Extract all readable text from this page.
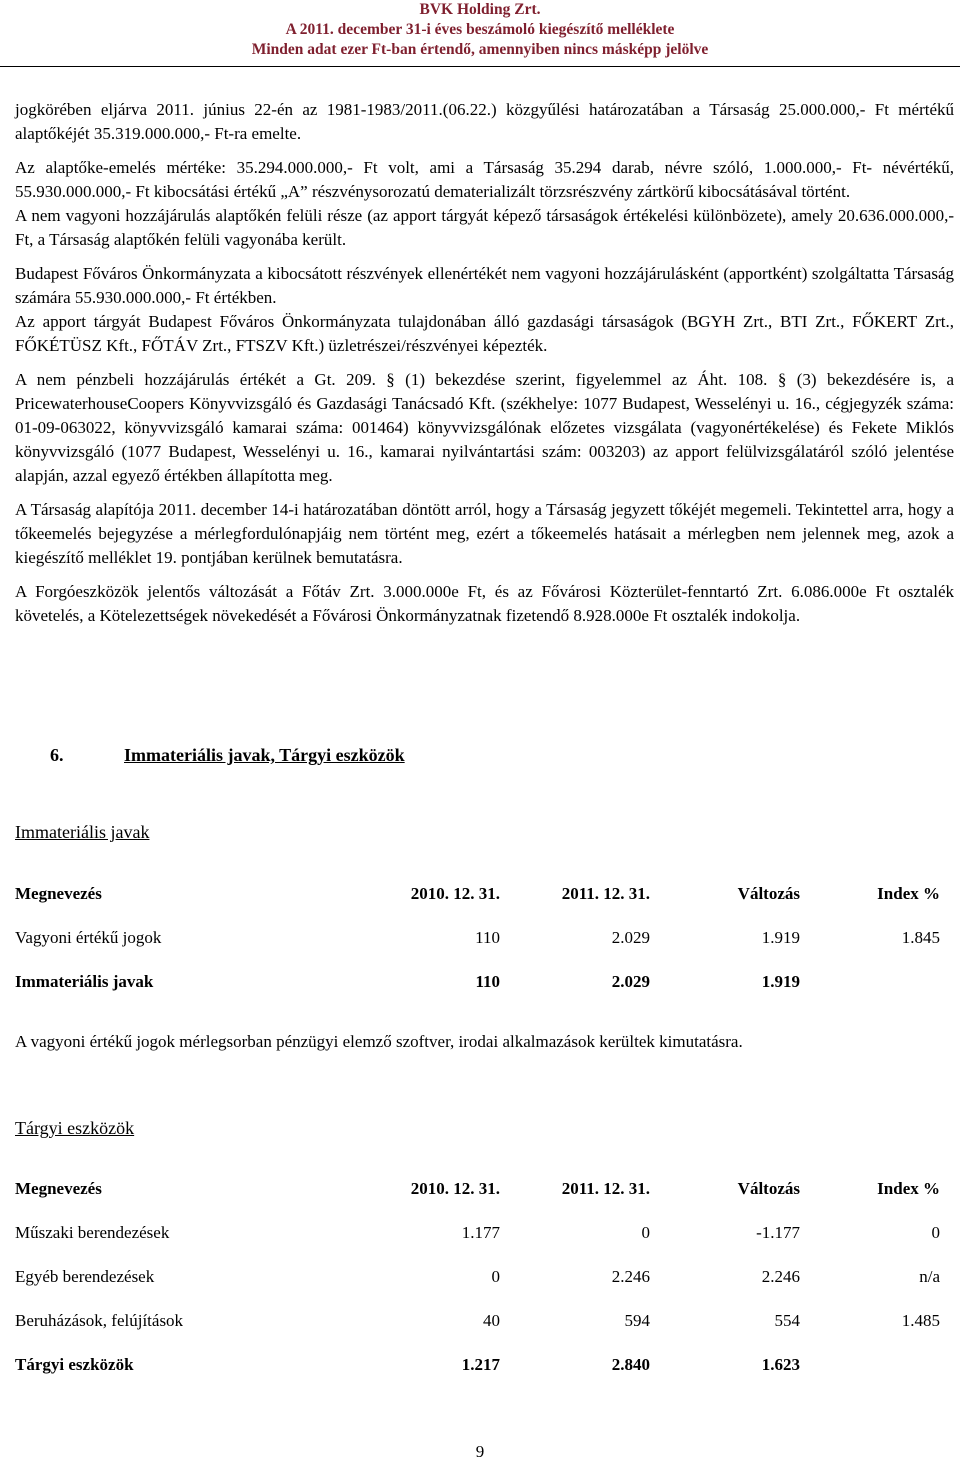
BVK Holding Zrt.
A 2011. december 31-i éves beszámoló kiegészítő melléklete
Minden adat ezer Ft-ban értendő, amennyiben nincs másképp jelölve

jogkörében eljárva 2011. június 22-én az 1981-1983/2011.(06.22.) közgyűlési határozatában a Társaság 25.000.000,- Ft mértékű alaptőkéjét 35.319.000.000,- Ft-ra emelte.

Az alaptőke-emelés mértéke: 35.294.000.000,- Ft volt, ami a Társaság 35.294 darab, névre szóló, 1.000.000,- Ft- névértékű, 55.930.000.000,- Ft kibocsátási értékű „A” részvénysorozatú dematerializált törzsrészvény zártkörű kibocsátásával történt.

A nem vagyoni hozzájárulás alaptőkén felüli része (az apport tárgyát képező társaságok értékelési különbözete), amely 20.636.000.000,- Ft, a Társaság alaptőkén felüli vagyonába került.

Budapest Főváros Önkormányzata a kibocsátott részvények ellenértékét nem vagyoni hozzájárulásként (apportként) szolgáltatta Társaság számára 55.930.000.000,- Ft értékben.

Az apport tárgyát Budapest Főváros Önkormányzata tulajdonában álló gazdasági társaságok (BGYH Zrt., BTI Zrt., FŐKERT Zrt., FŐKÉTÜSZ Kft., FŐTÁV Zrt., FTSZV Kft.) üzletrészei/részvényei képezték.

A nem pénzbeli hozzájárulás értékét a Gt. 209. § (1) bekezdése szerint, figyelemmel az Áht. 108. § (3) bekezdésére is, a PricewaterhouseCoopers Könyvvizsgáló és Gazdasági Tanácsadó Kft. (székhelye: 1077 Budapest, Wesselényi u. 16., cégjegyzék száma: 01-09-063022, könyvvizsgáló kamarai száma: 001464) könyvvizsgálónak előzetes vizsgálata (vagyonértékelése) és Fekete Miklós könyvvizsgáló (1077 Budapest, Wesselényi u. 16., kamarai nyilvántartási szám: 003203) az apport felülvizsgálatáról szóló jelentése alapján, azzal egyező értékben állapította meg.

A Társaság alapítója 2011. december 14-i határozatában döntött arról, hogy a Társaság jegyzett tőkéjét megemeli. Tekintettel arra, hogy a tőkeemelés bejegyzése a mérlegfordulónapjáig nem történt meg, ezért a tőkeemelés hatásait a mérlegben nem jelennek meg, azok a kiegészítő melléklet 19. pontjában kerülnek bemutatásra.

A Forgóeszközök jelentős változását a Főtáv Zrt. 3.000.000e Ft, és az Fővárosi Közterület-fenntartó Zrt. 6.086.000e Ft osztalék követelés, a Kötelezettségek növekedését a Fővárosi Önkormányzatnak fizetendő 8.928.000e Ft osztalék indokolja.

6.	Immateriális javak, Tárgyi eszközök
Immateriális javak
Megnevezés	2010. 12. 31.	2011. 12. 31.	Változás	Index %
Vagyoni értékű jogok	110	2.029	1.919	1.845
Immateriális javak	110	2.029	1.919	
A vagyoni értékű jogok mérlegsorban pénzügyi elemző szoftver, irodai alkalmazások kerültek kimutatásra.
Tárgyi eszközök
Megnevezés	2010. 12. 31.	2011. 12. 31.	Változás	Index %
Műszaki berendezések	1.177	0	-1.177	0
Egyéb berendezések	0	2.246	2.246	n/a
Beruházások, felújítások	40	594	554	1.485
Tárgyi eszközök	1.217	2.840	1.623	
9
